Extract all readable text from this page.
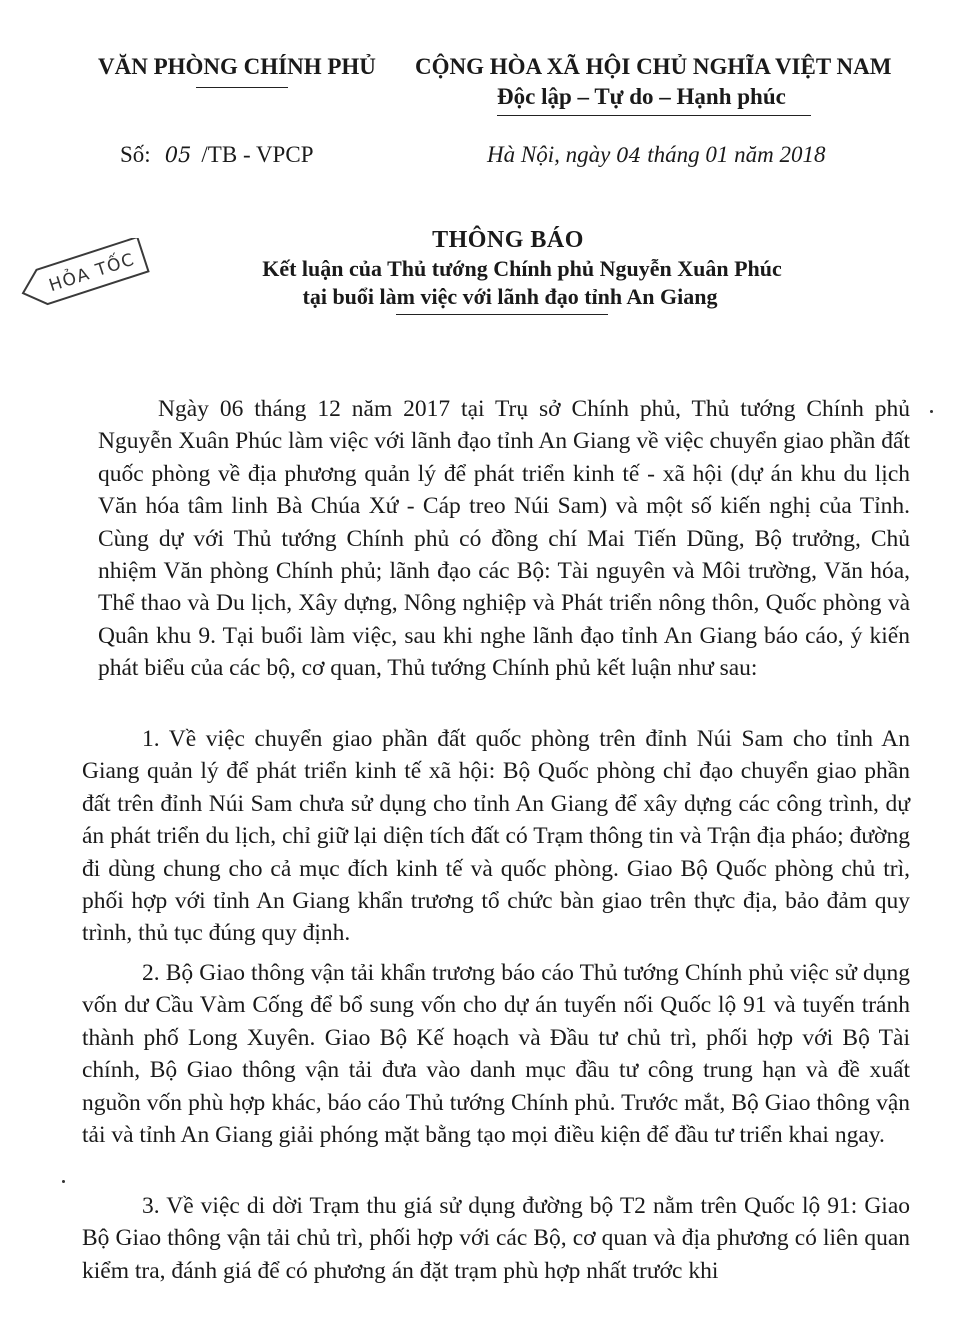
VĂN PHÒNG CHÍNH PHỦ CỘNG HÒA XÃ HỘI CHỦ NGHĨA VIỆT NAM
Độc lập – Tự do – Hạnh phúc
Số: 05 /TB - VPCP	Hà Nội, ngày 04 tháng 01 năm 2018
HỎA TỐC
THÔNG BÁO
Kết luận của Thủ tướng Chính phủ Nguyễn Xuân Phúc
tại buổi làm việc với lãnh đạo tỉnh An Giang

Ngày 06 tháng 12 năm 2017 tại Trụ sở Chính phủ, Thủ tướng Chính phủ Nguyễn Xuân Phúc làm việc với lãnh đạo tỉnh An Giang về việc chuyển giao phần đất quốc phòng về địa phương quản lý để phát triển kinh tế - xã hội (dự án khu du lịch Văn hóa tâm linh Bà Chúa Xứ - Cáp treo Núi Sam) và một số kiến nghị của Tỉnh. Cùng dự với Thủ tướng Chính phủ có đồng chí Mai Tiến Dũng, Bộ trưởng, Chủ nhiệm Văn phòng Chính phủ; lãnh đạo các Bộ: Tài nguyên và Môi trường, Văn hóa, Thể thao và Du lịch, Xây dựng, Nông nghiệp và Phát triển nông thôn, Quốc phòng và Quân khu 9. Tại buổi làm việc, sau khi nghe lãnh đạo tỉnh An Giang báo cáo, ý kiến phát biểu của các bộ, cơ quan, Thủ tướng Chính phủ kết luận như sau:

1. Về việc chuyển giao phần đất quốc phòng trên đỉnh Núi Sam cho tỉnh An Giang quản lý để phát triển kinh tế xã hội: Bộ Quốc phòng chỉ đạo chuyển giao phần đất trên đỉnh Núi Sam chưa sử dụng cho tỉnh An Giang để xây dựng các công trình, dự án phát triển du lịch, chỉ giữ lại diện tích đất có Trạm thông tin và Trận địa pháo; đường đi dùng chung cho cả mục đích kinh tế và quốc phòng. Giao Bộ Quốc phòng chủ trì, phối hợp với tỉnh An Giang khẩn trương tổ chức bàn giao trên thực địa, bảo đảm quy trình, thủ tục đúng quy định.

2. Bộ Giao thông vận tải khẩn trương báo cáo Thủ tướng Chính phủ việc sử dụng vốn dư Cầu Vàm Cống để bổ sung vốn cho dự án tuyến nối Quốc lộ 91 và tuyến tránh thành phố Long Xuyên. Giao Bộ Kế hoạch và Đầu tư chủ trì, phối hợp với Bộ Tài chính, Bộ Giao thông vận tải đưa vào danh mục đầu tư công trung hạn và đề xuất nguồn vốn phù hợp khác, báo cáo Thủ tướng Chính phủ. Trước mắt, Bộ Giao thông vận tải và tỉnh An Giang giải phóng mặt bằng tạo mọi điều kiện để đầu tư triển khai ngay.

3. Về việc di dời Trạm thu giá sử dụng đường bộ T2 nằm trên Quốc lộ 91: Giao Bộ Giao thông vận tải chủ trì, phối hợp với các Bộ, cơ quan và địa phương có liên quan kiểm tra, đánh giá để có phương án đặt trạm phù hợp nhất trước khi
